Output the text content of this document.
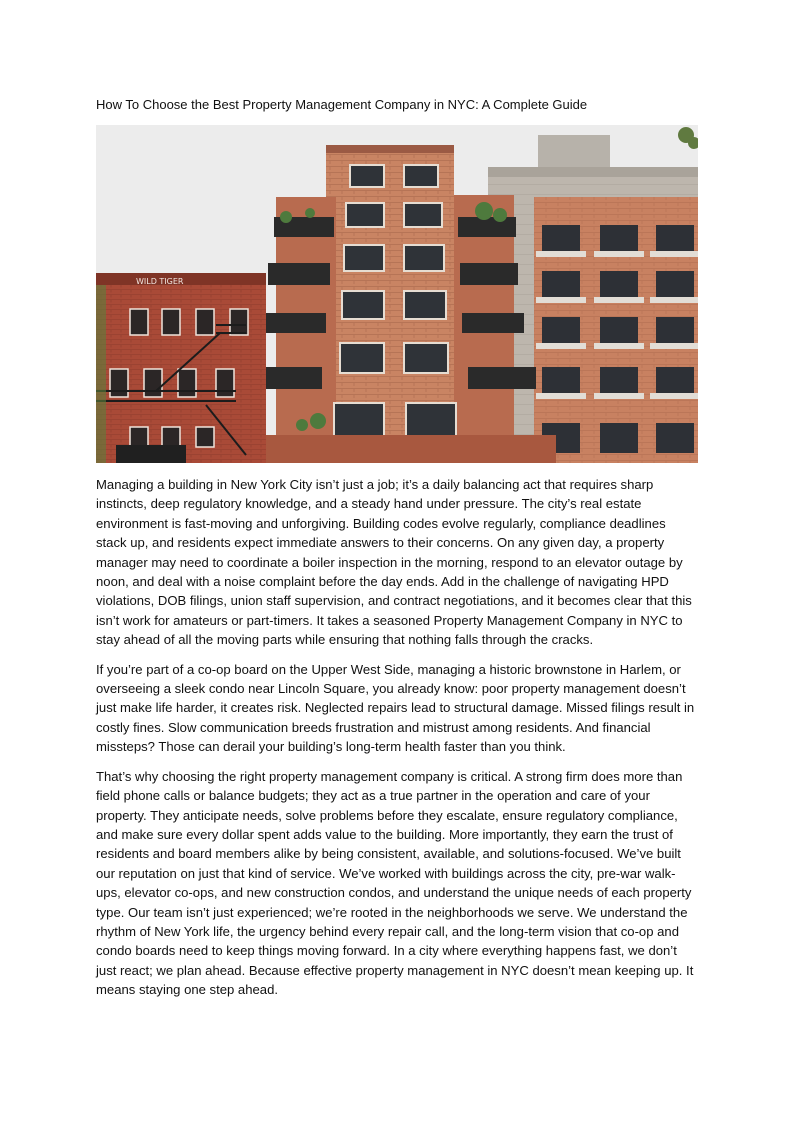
How To Choose the Best Property Management Company in NYC: A Complete Guide
WILD TIGER

Managing a building in New York City isn’t just a job; it’s a daily balancing act that requires sharp instincts, deep regulatory knowledge, and a steady hand under pressure. The city’s real estate environment is fast-moving and unforgiving. Building codes evolve regularly, compliance deadlines stack up, and residents expect immediate answers to their concerns. On any given day, a property manager may need to coordinate a boiler inspection in the morning, respond to an elevator outage by noon, and deal with a noise complaint before the day ends. Add in the challenge of navigating HPD violations, DOB filings, union staff supervision, and contract negotiations, and it becomes clear that this isn’t work for amateurs or part-timers. It takes a seasoned Property Management Company in NYC to stay ahead of all the moving parts while ensuring that nothing falls through the cracks.

If you’re part of a co-op board on the Upper West Side, managing a historic brownstone in Harlem, or overseeing a sleek condo near Lincoln Square, you already know: poor property management doesn’t just make life harder, it creates risk. Neglected repairs lead to structural damage. Missed filings result in costly fines. Slow communication breeds frustration and mistrust among residents. And financial missteps? Those can derail your building’s long-term health faster than you think.

That’s why choosing the right property management company is critical. A strong firm does more than field phone calls or balance budgets; they act as a true partner in the operation and care of your property. They anticipate needs, solve problems before they escalate, ensure regulatory compliance, and make sure every dollar spent adds value to the building. More importantly, they earn the trust of residents and board members alike by being consistent, available, and solutions-focused. We’ve built our reputation on just that kind of service. We’ve worked with buildings across the city, pre-war walk-ups, elevator co-ops, and new construction condos, and understand the unique needs of each property type. Our team isn’t just experienced; we’re rooted in the neighborhoods we serve. We understand the rhythm of New York life, the urgency behind every repair call, and the long-term vision that co-op and condo boards need to keep things moving forward. In a city where everything happens fast, we don’t just react; we plan ahead. Because effective property management in NYC doesn’t mean keeping up. It means staying one step ahead.
